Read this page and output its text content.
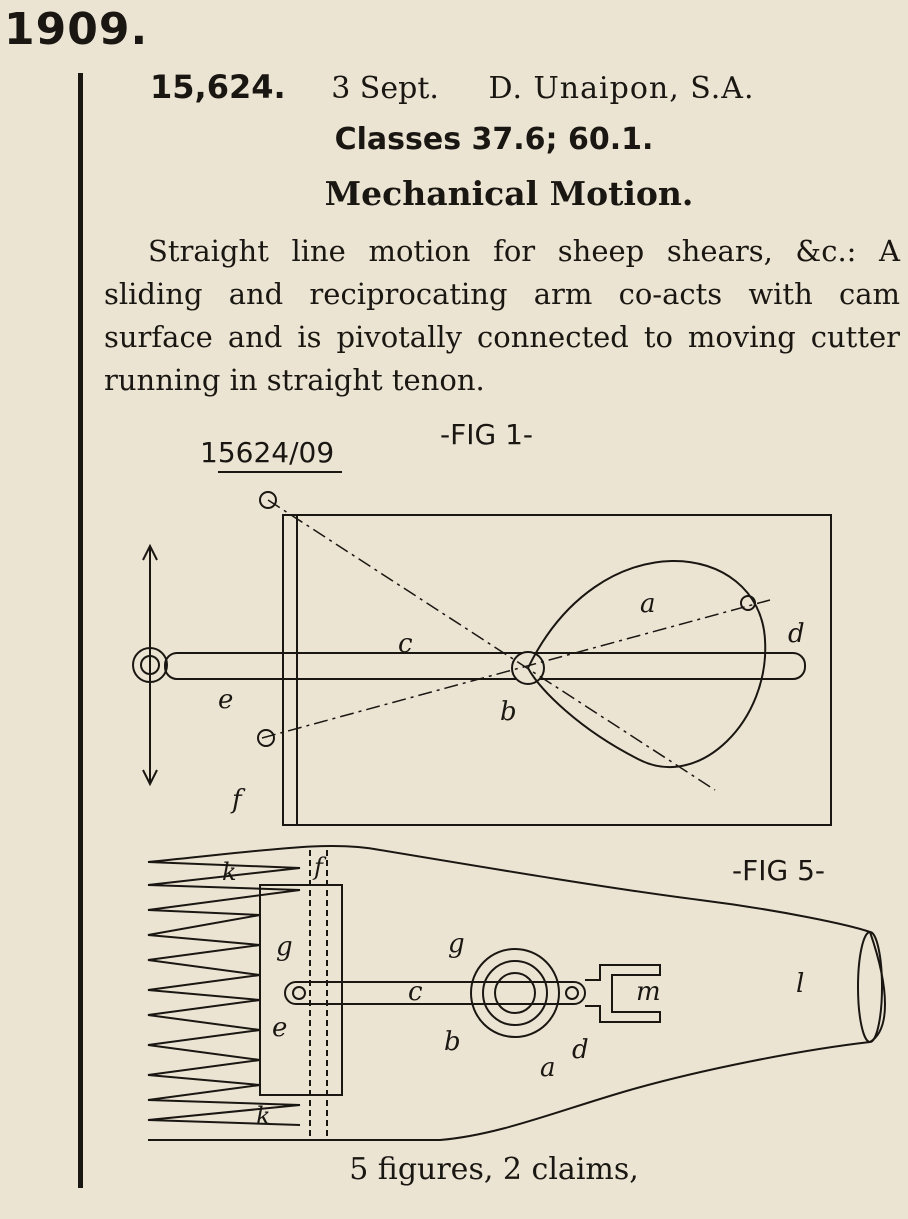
1909.
15,624. 3 Sept. D. Unaipon, S.A.
Classes 37.6; 60.1.
Mechanical Motion.
Straight line motion for sheep shears, &c.: A sliding and reciprocating arm co-acts with cam surface and is pivotally connected to moving cutter running in straight tenon.
15624/09
-FIG 1-
a
b
c	d
e
f
-FIG 5-
k	f
g	g
c
e	b
a
d
m	l
k
5 figures, 2 claims,
